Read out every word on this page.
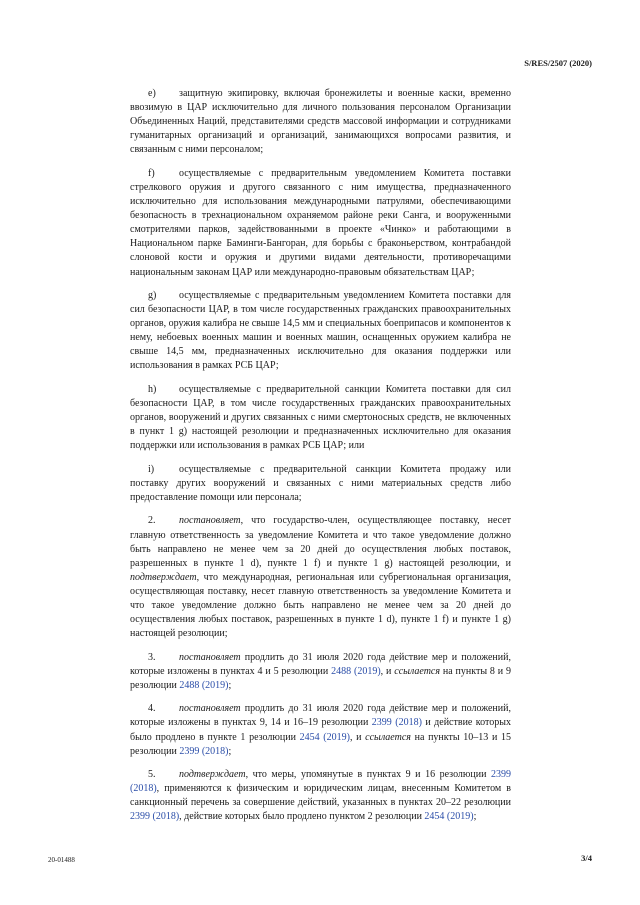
S/RES/2507 (2020)

e) защитную экипировку, включая бронежилеты и военные каски, временно ввозимую в ЦАР исключительно для личного пользования персоналом Организации Объединенных Наций, представителями средств массовой информации и сотрудниками гуманитарных организаций и организаций, занимающихся вопросами развития, и связанным с ними персоналом;

f) осуществляемые с предварительным уведомлением Комитета поставки стрелкового оружия и другого связанного с ним имущества, предназначенного исключительно для использования международными патрулями, обеспечивающими безопасность в трехнациональном охраняемом районе реки Санга, и вооруженными смотрителями парков, задействованными в проекте «Чинко» и работающими в Национальном парке Баминги-Бангоран, для борьбы с браконьерством, контрабандой слоновой кости и оружия и другими видами деятельности, противоречащими национальным законам ЦАР или международно-правовым обязательствам ЦАР;

g) осуществляемые с предварительным уведомлением Комитета поставки для сил безопасности ЦАР, в том числе государственных гражданских правоохранительных органов, оружия калибра не свыше 14,5 мм и специальных боеприпасов и компонентов к нему, небоевых военных машин и военных машин, оснащенных оружием калибра не свыше 14,5 мм, предназначенных исключительно для оказания поддержки или использования в рамках РСБ ЦАР;

h) осуществляемые с предварительной санкции Комитета поставки для сил безопасности ЦАР, в том числе государственных гражданских правоохранительных органов, вооружений и других связанных с ними смертоносных средств, не включенных в пункт 1 g) настоящей резолюции и предназначенных исключительно для оказания поддержки или использования в рамках РСБ ЦАР; или

i) осуществляемые с предварительной санкции Комитета продажу или поставку других вооружений и связанных с ними материальных средств либо предоставление помощи или персонала;

2. постановляет, что государство-член, осуществляющее поставку, несет главную ответственность за уведомление Комитета и что такое уведомление должно быть направлено не менее чем за 20 дней до осуществления любых поставок, разрешенных в пункте 1 d), пункте 1 f) и пункте 1 g) настоящей резолюции, и подтверждает, что международная, региональная или субрегиональная организация, осуществляющая поставку, несет главную ответственность за уведомление Комитета и что такое уведомление должно быть направлено не менее чем за 20 дней до осуществления любых поставок, разрешенных в пункте 1 d), пункте 1 f) и пункте 1 g) настоящей резолюции;

3. постановляет продлить до 31 июля 2020 года действие мер и положений, которые изложены в пунктах 4 и 5 резолюции 2488 (2019), и ссылается на пункты 8 и 9 резолюции 2488 (2019);

4. постановляет продлить до 31 июля 2020 года действие мер и положений, которые изложены в пунктах 9, 14 и 16–19 резолюции 2399 (2018) и действие которых было продлено в пункте 1 резолюции 2454 (2019), и ссылается на пункты 10–13 и 15 резолюции 2399 (2018);

5. подтверждает, что меры, упомянутые в пунктах 9 и 16 резолюции 2399 (2018), применяются к физическим и юридическим лицам, внесенным Комитетом в санкционный перечень за совершение действий, указанных в пунктах 20–22 резолюции 2399 (2018), действие которых было продлено пунктом 2 резолюции 2454 (2019);

20-01488	3/4
